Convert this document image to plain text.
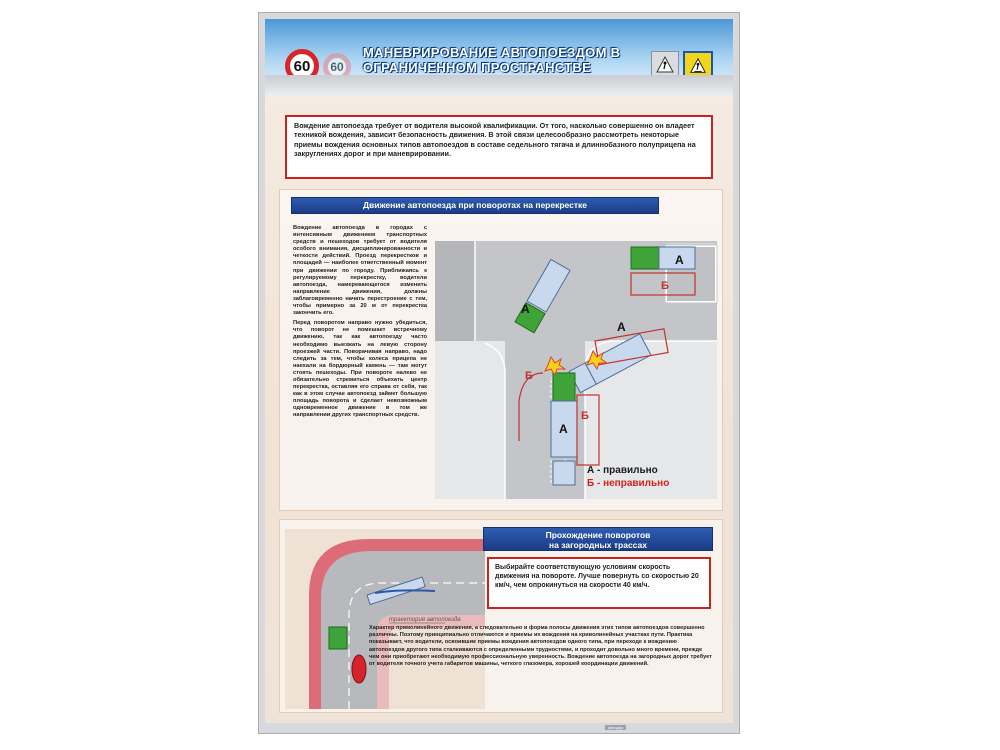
60	60
МАНЕВРИРОВАНИЕ АВТОПОЕЗДОМ В ОГРАНИЧЕННОМ ПРОСТРАНСТВЕ
Вождение автопоезда требует от водителя высокой квалификации. От того, насколько совершенно он владеет техникой вождения, зависит безопасность движения. В этой связи целесообразно рассмотреть некоторые приемы вождения основных типов автопоездов в составе седельного тягача и длиннобазного полуприцепа на закруглениях дорог и при маневрировании.
Движение автопоезда при поворотах на перекрестке

Вождение автопоезда в городах с интенсивным движением транспортных средств и пешеходов требует от водителя особого внимания, дисциплинированности и четкости действий. Проезд перекрестков и площадей — наиболее ответственный момент при движении по городу. Приближаясь к регулируемому перекрестку, водители автопоезда, намеревающегося изменить направление движения, должны заблаговременно начать перестроение с тем, чтобы примерно за 20 м от перекрестка закончить его.

Перед поворотом направо нужно убедиться, что поворот не помешает встречному движению, так как автопоезду часто необходимо выезжать на левую сторону проезжей части. Поворачивая направо, надо следить за тем, чтобы колеса прицепа не наехали на бордюрный камень — там могут стоять пешеходы. При повороте налево не обязательно стремиться объехать центр перекрестка, оставляя его справа от себя, так как в этом случае автопоезд займет большую площадь поворота и сделает невозможным одновременное движение в том же направлении других транспортных средств.

А
Б
А
А
А
Б
Б
А - правильно
Б - неправильно
траектория автопоезда
Прохождение поворотов
на загородных трассах
Выбирайте соответствующую условиям скорость движения на повороте. Лучше повернуть со скоростью 20 км/ч, чем опрокинуться на скорости 40 км/ч.

Характер прямолинейного движения, а следовательно и форма полосы движения этих типов автопоездов совершенно различны. Поэтому принципиально отличаются и приемы их вождения на криволинейных участках пути. Практика показывает, что водители, освоившие приемы вождения автопоездов одного типа, при переходе к вождению автопоездов другого типа сталкиваются с определенными трудностями, и проходит довольно много времени, прежде чем они приобретают необходимую профессиональную уверенность. Вождение автопоезда на загородных дорог требует от водителя точного учета габаритов машины, четкого глазомера, хорошей координации движений.

Автодор
